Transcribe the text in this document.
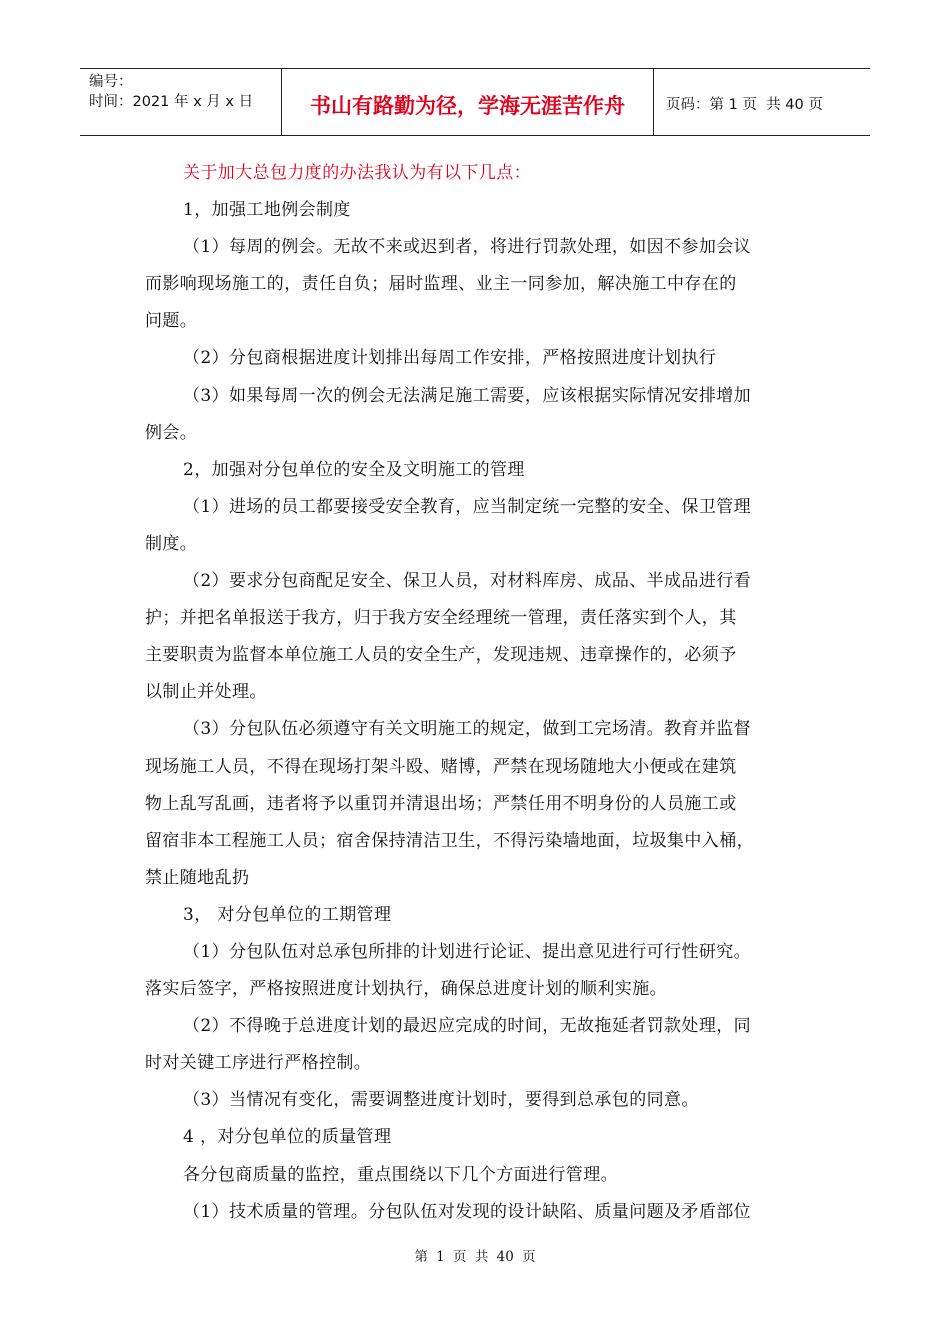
编号：
时间：2021 年 x 月 x 日	书山有路勤为径，学海无涯苦作舟	页码：第 1 页  共 40 页

关于加大总包力度的办法我认为有以下几点：

1，加强工地例会制度

（1）每周的例会。无故不来或迟到者，将进行罚款处理，如因不参加会议

而影响现场施工的，责任自负；届时监理、业主一同参加，解决施工中存在的

问题。

（2）分包商根据进度计划排出每周工作安排，严格按照进度计划执行

（3）如果每周一次的例会无法满足施工需要，应该根据实际情况安排增加

例会。

2，加强对分包单位的安全及文明施工的管理

（1）进场的员工都要接受安全教育，应当制定统一完整的安全、保卫管理

制度。

（2）要求分包商配足安全、保卫人员，对材料库房、成品、半成品进行看

护；并把名单报送于我方，归于我方安全经理统一管理，责任落实到个人，其

主要职责为监督本单位施工人员的安全生产，发现违规、违章操作的，必须予

以制止并处理。

（3）分包队伍必须遵守有关文明施工的规定，做到工完场清。教育并监督

现场施工人员，不得在现场打架斗殴、赌博，严禁在现场随地大小便或在建筑

物上乱写乱画，违者将予以重罚并清退出场；严禁任用不明身份的人员施工或

留宿非本工程施工人员；宿舍保持清洁卫生，不得污染墙地面，垃圾集中入桶，

禁止随地乱扔

3， 对分包单位的工期管理

（1）分包队伍对总承包所排的计划进行论证、提出意见进行可行性研究。

落实后签字，严格按照进度计划执行，确保总进度计划的顺利实施。

（2）不得晚于总进度计划的最迟应完成的时间，无故拖延者罚款处理，同

时对关键工序进行严格控制。

（3）当情况有变化，需要调整进度计划时，要得到总承包的同意。

4 ，对分包单位的质量管理

各分包商质量的监控，重点围绕以下几个方面进行管理。

（1）技术质量的管理。分包队伍对发现的设计缺陷、质量问题及矛盾部位

第 1 页 共 40 页
